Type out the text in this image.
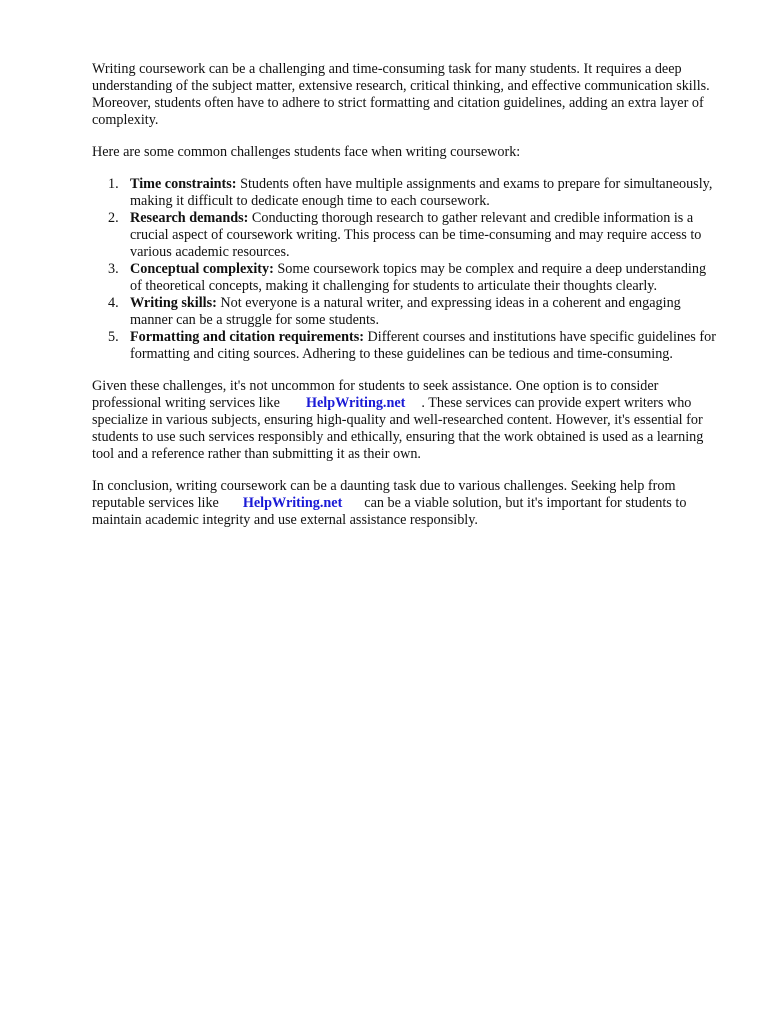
Writing coursework can be a challenging and time-consuming task for many students. It requires a deep understanding of the subject matter, extensive research, critical thinking, and effective communication skills. Moreover, students often have to adhere to strict formatting and citation guidelines, adding an extra layer of complexity.

Here are some common challenges students face when writing coursework:

1. Time constraints: Students often have multiple assignments and exams to prepare for simultaneously, making it difficult to dedicate enough time to each coursework.
2. Research demands: Conducting thorough research to gather relevant and credible information is a crucial aspect of coursework writing. This process can be time-consuming and may require access to various academic resources.
3. Conceptual complexity: Some coursework topics may be complex and require a deep understanding of theoretical concepts, making it challenging for students to articulate their thoughts clearly.
4. Writing skills: Not everyone is a natural writer, and expressing ideas in a coherent and engaging manner can be a struggle for some students.
5. Formatting and citation requirements: Different courses and institutions have specific guidelines for formatting and citing sources. Adhering to these guidelines can be tedious and time-consuming.

Given these challenges, it's not uncommon for students to seek assistance. One option is to consider professional writing services like HelpWriting.net . These services can provide expert writers who specialize in various subjects, ensuring high-quality and well-researched content. However, it's essential for students to use such services responsibly and ethically, ensuring that the work obtained is used as a learning tool and a reference rather than submitting it as their own.

In conclusion, writing coursework can be a daunting task due to various challenges. Seeking help from reputable services like HelpWriting.net can be a viable solution, but it's important for students to maintain academic integrity and use external assistance responsibly.
